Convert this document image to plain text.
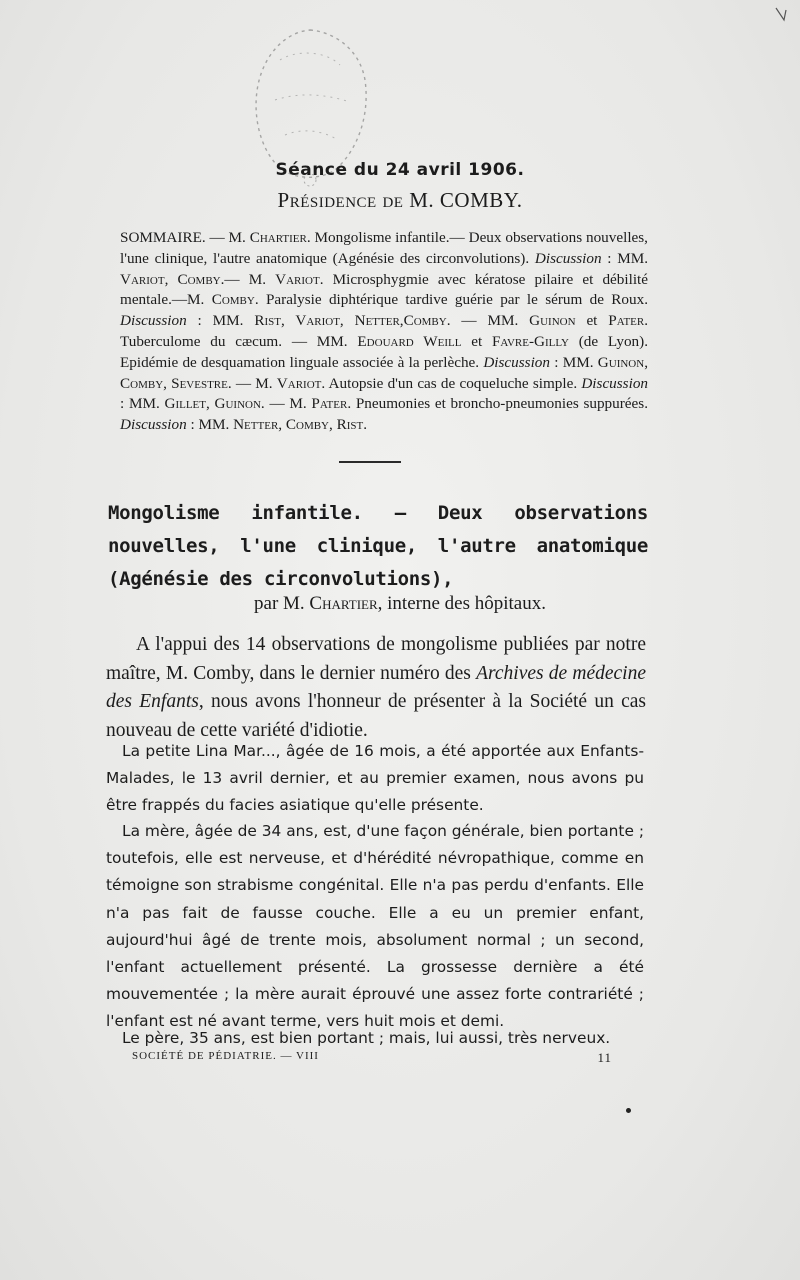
Séance du 24 avril 1906.
Présidence de M. COMBY.
SOMMAIRE. — M. Chartier. Mongolisme infantile.— Deux observations nouvelles, l'une clinique, l'autre anatomique (Agénésie des circonvolutions). Discussion : MM. Variot, Comby.— M. Variot. Microsphygmie avec kératose pilaire et débilité mentale.—M. Comby. Paralysie diphtérique tardive guérie par le sérum de Roux. Discussion : MM. Rist, Variot, Netter,Comby. — MM. Guinon et Pater. Tuberculome du cæcum. — MM. Edouard Weill et Favre-Gilly (de Lyon). Epidémie de desquamation linguale associée à la perlèche. Discussion : MM. Guinon, Comby, Sevestre. — M. Variot. Autopsie d'un cas de coqueluche simple. Discussion : MM. Gillet, Guinon. — M. Pater. Pneumonies et broncho-pneumonies suppurées. Discussion : MM. Netter, Comby, Rist.
Mongolisme infantile. — Deux observations nouvelles, l'une clinique, l'autre anatomique (Agénésie des circonvolutions),
par M. Chartier, interne des hôpitaux.
A l'appui des 14 observations de mongolisme publiées par notre maître, M. Comby, dans le dernier numéro des Archives de médecine des Enfants, nous avons l'honneur de présenter à la Société un cas nouveau de cette variété d'idiotie.
La petite Lina Mar..., âgée de 16 mois, a été apportée aux Enfants-Malades, le 13 avril dernier, et au premier examen, nous avons pu être frappés du facies asiatique qu'elle présente.
La mère, âgée de 34 ans, est, d'une façon générale, bien portante ; toutefois, elle est nerveuse, et d'hérédité névropathique, comme en témoigne son strabisme congénital. Elle n'a pas perdu d'enfants. Elle n'a pas fait de fausse couche. Elle a eu un premier enfant, aujourd'hui âgé de trente mois, absolument normal ; un second, l'enfant actuellement présenté. La grossesse dernière a été mouvementée ; la mère aurait éprouvé une assez forte contrariété ; l'enfant est né avant terme, vers huit mois et demi.
Le père, 35 ans, est bien portant ; mais, lui aussi, très nerveux.
SOCIÉTÉ DE PÉDIATRIE. — VIII	11
